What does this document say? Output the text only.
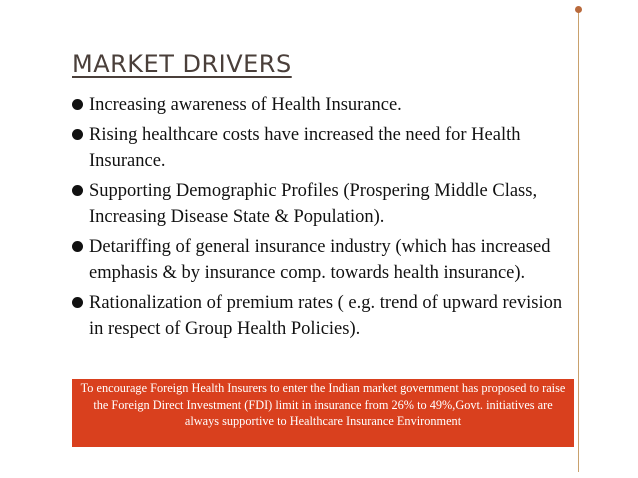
MARKET DRIVERS
Increasing awareness of Health Insurance.
Rising healthcare costs have increased the need for Health Insurance.
Supporting Demographic Profiles (Prospering Middle Class, Increasing Disease State & Population).
Detariffing of general insurance industry (which has increased emphasis & by insurance comp. towards health insurance).
Rationalization of premium rates ( e.g. trend of upward revision in respect of Group Health Policies).
To encourage Foreign Health Insurers to enter the Indian market government has proposed to raise the Foreign Direct Investment (FDI) limit in insurance from 26% to 49%,Govt. initiatives are always supportive to Healthcare Insurance Environment
